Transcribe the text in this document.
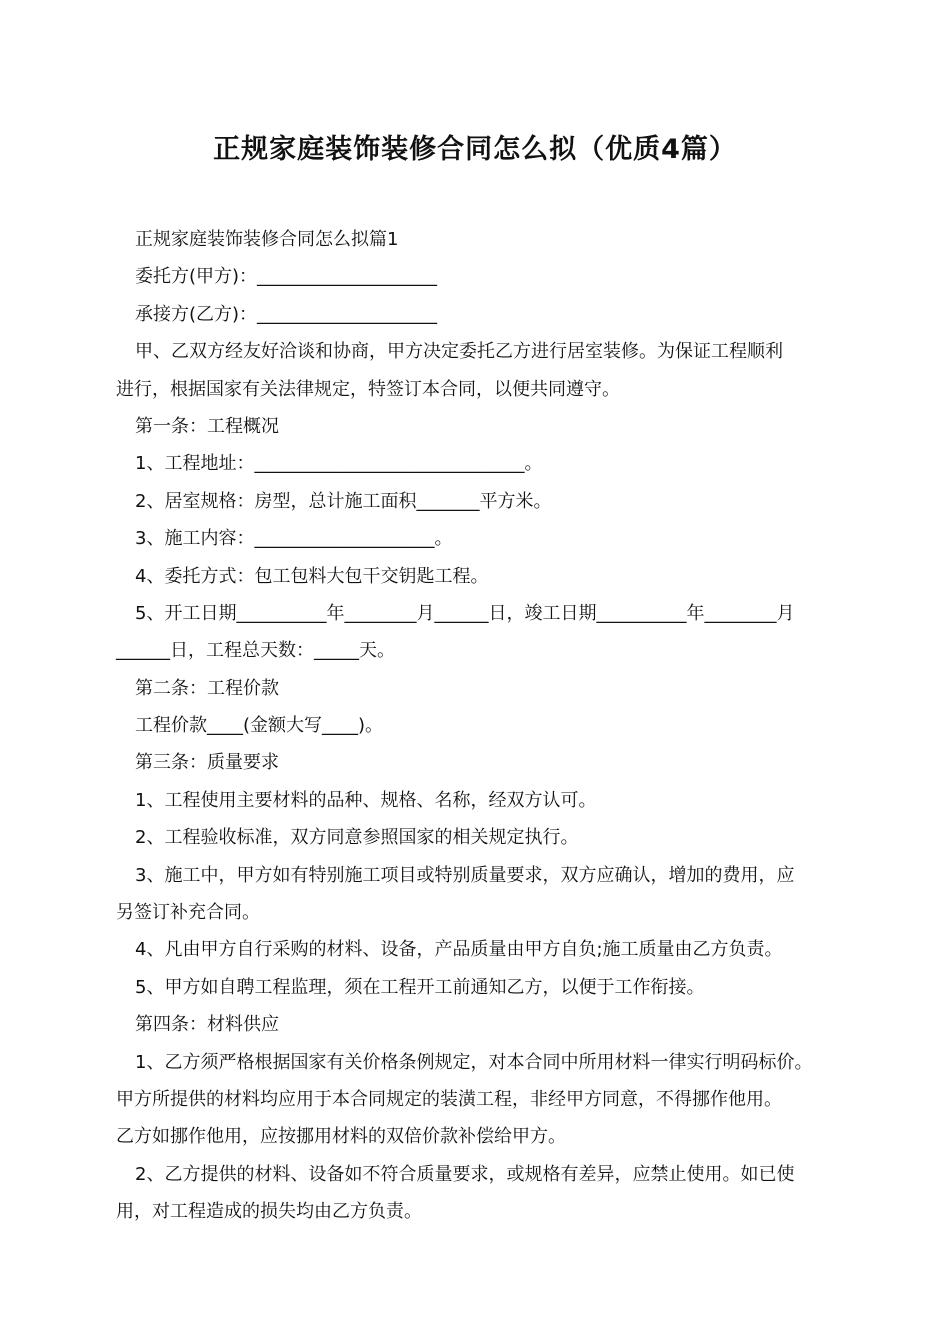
正规家庭装饰装修合同怎么拟（优质4篇）
正规家庭装饰装修合同怎么拟篇1
委托方(甲方)：____________________
承接方(乙方)：____________________
甲、乙双方经友好洽谈和协商，甲方决定委托乙方进行居室装修。为保证工程顺利
进行，根据国家有关法律规定，特签订本合同，以便共同遵守。
第一条：工程概况
1、工程地址：______________________________。
2、居室规格：房型，总计施工面积_______平方米。
3、施工内容：____________________。
4、委托方式：包工包料大包干交钥匙工程。
5、开工日期__________年________月______日，竣工日期__________年________月
______日，工程总天数：_____天。
第二条：工程价款
工程价款____(金额大写____)。
第三条：质量要求
1、工程使用主要材料的品种、规格、名称，经双方认可。
2、工程验收标准，双方同意参照国家的相关规定执行。
3、施工中，甲方如有特别施工项目或特别质量要求，双方应确认，增加的费用，应
另签订补充合同。
4、凡由甲方自行采购的材料、设备，产品质量由甲方自负;施工质量由乙方负责。
5、甲方如自聘工程监理，须在工程开工前通知乙方，以便于工作衔接。
第四条：材料供应
1、乙方须严格根据国家有关价格条例规定，对本合同中所用材料一律实行明码标价。
甲方所提供的材料均应用于本合同规定的装潢工程，非经甲方同意，不得挪作他用。
乙方如挪作他用，应按挪用材料的双倍价款补偿给甲方。
2、乙方提供的材料、设备如不符合质量要求，或规格有差异，应禁止使用。如已使
用，对工程造成的损失均由乙方负责。
